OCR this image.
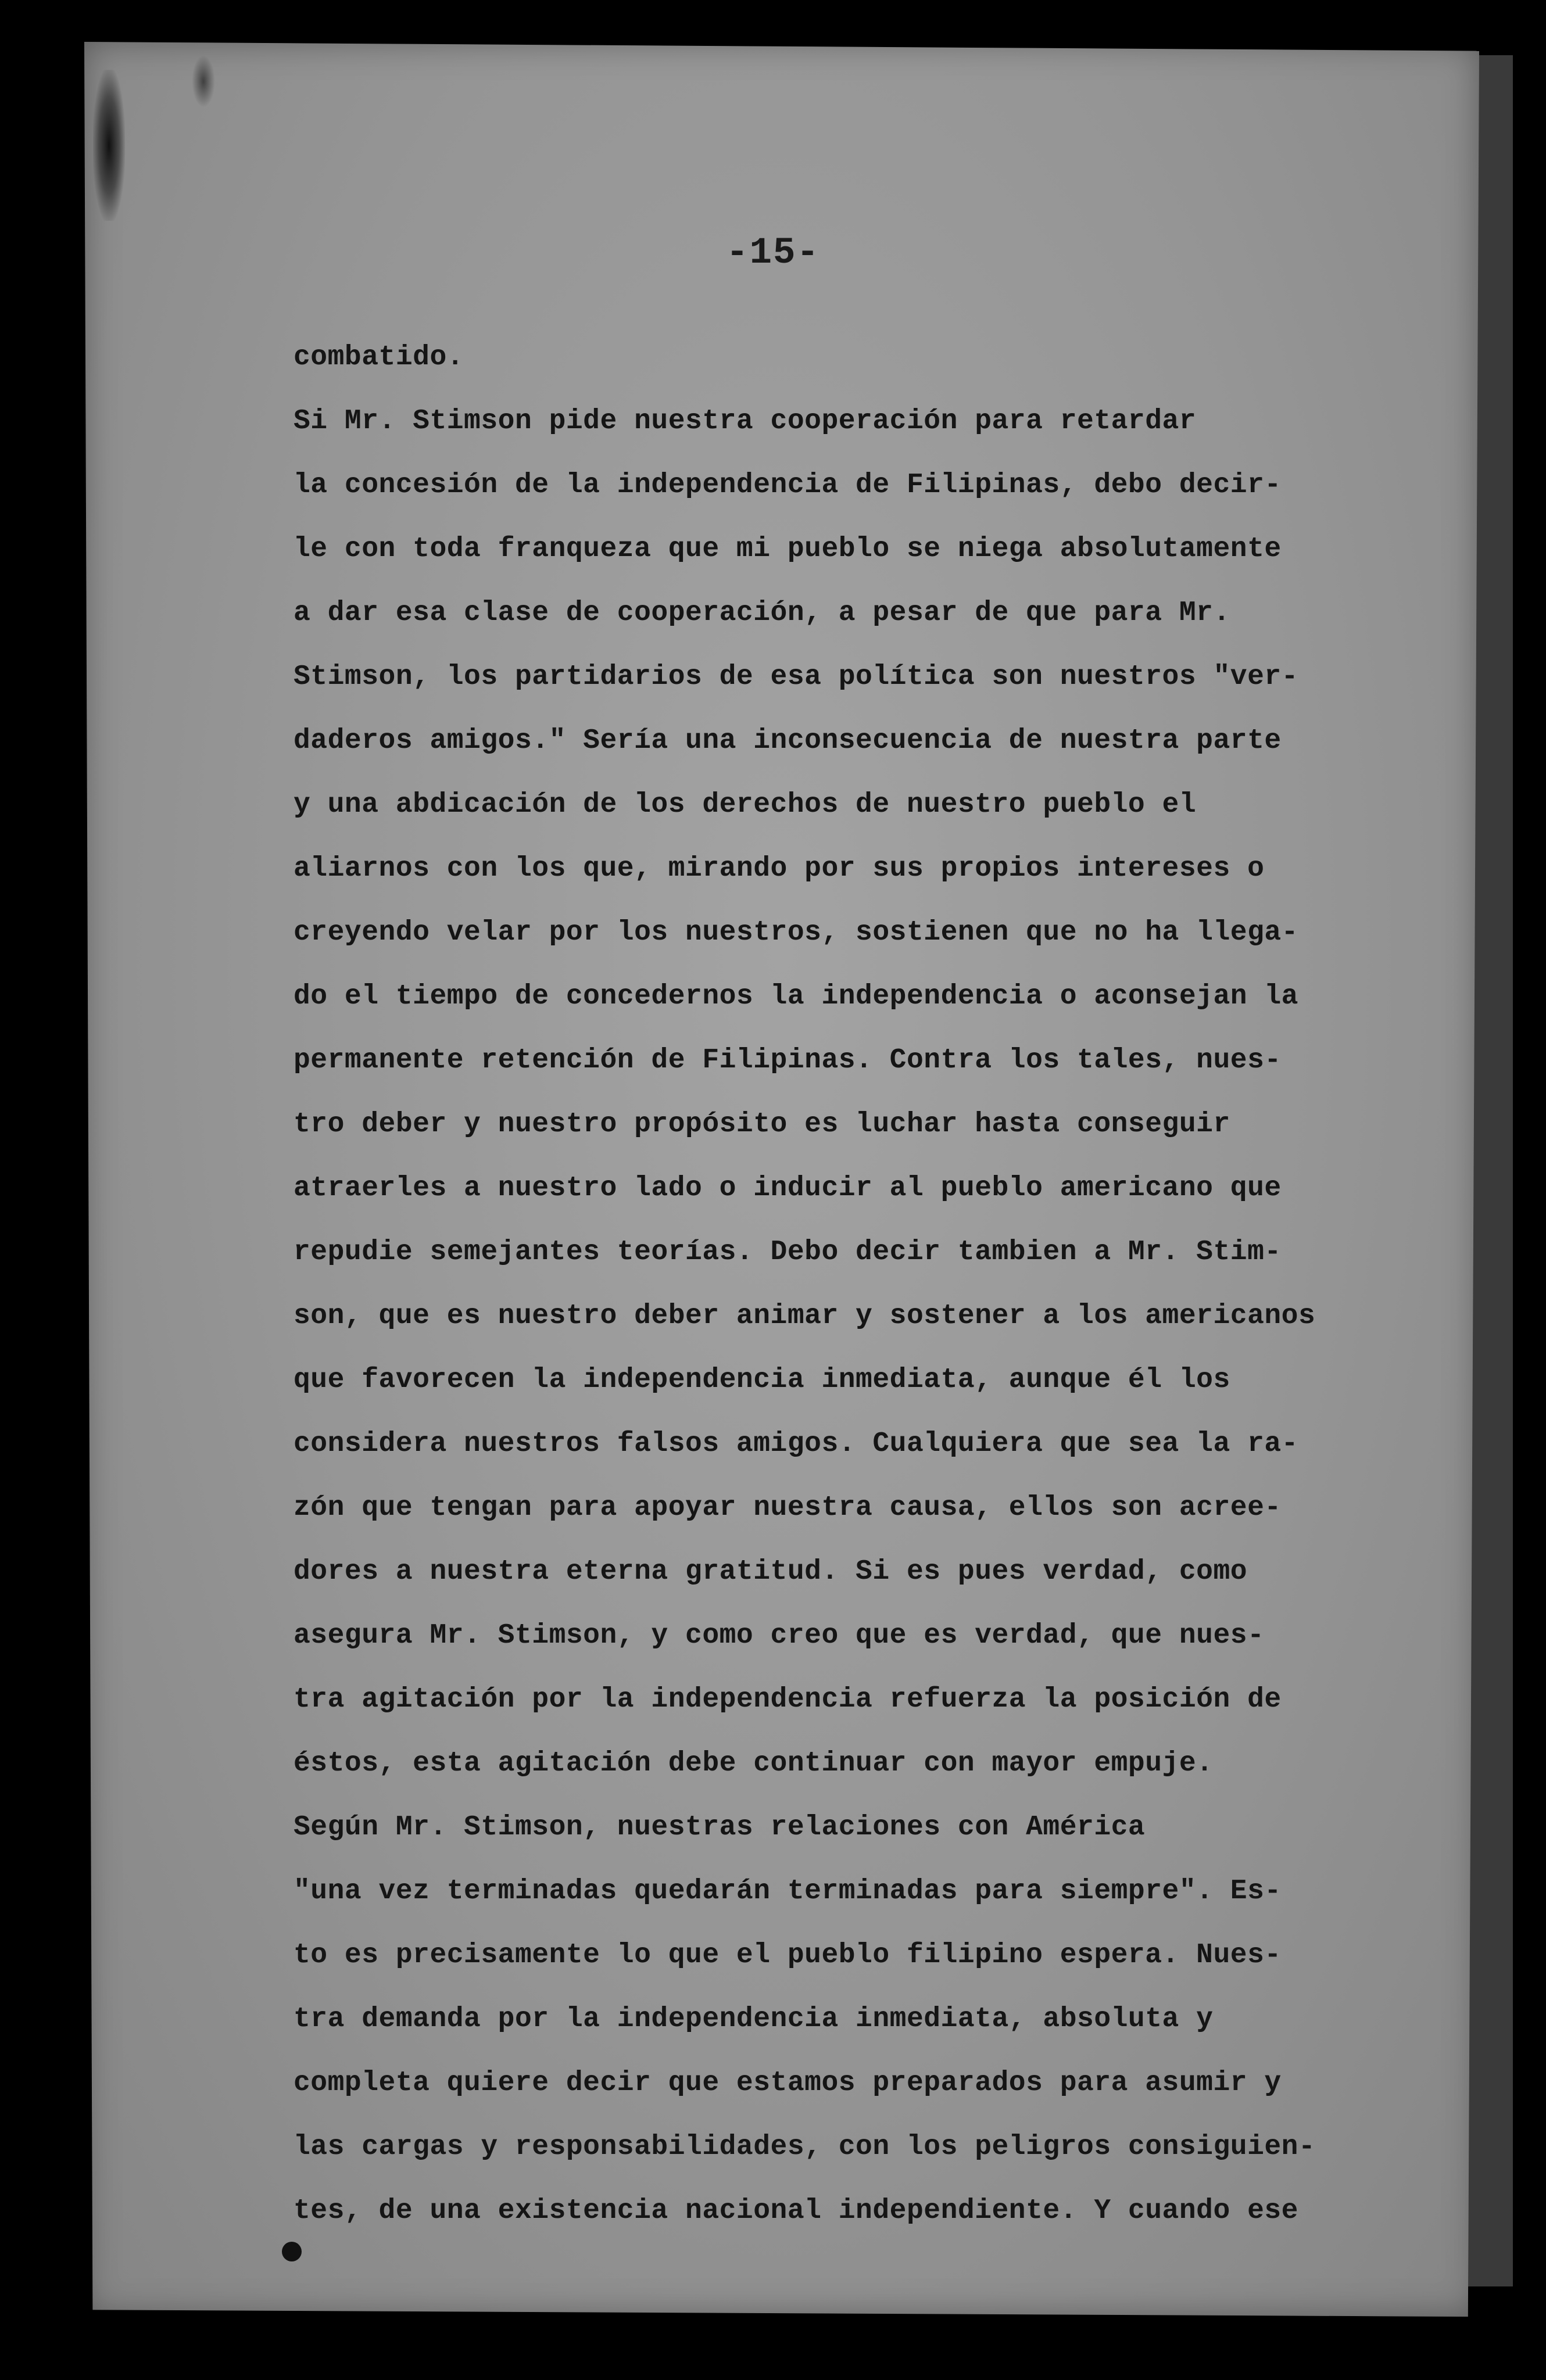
-15-
combatido.
Si Mr. Stimson pide nuestra cooperación para retardar
la concesión de la independencia de Filipinas, debo decir-
le con toda franqueza que mi pueblo se niega absolutamente
a dar esa clase de cooperación, a pesar de que para Mr.
Stimson, los partidarios de esa política son nuestros "ver-
daderos amigos." Sería una inconsecuencia de nuestra parte
y una abdicación de los derechos de nuestro pueblo el
aliarnos con los que, mirando por sus propios intereses o
creyendo velar por los nuestros, sostienen que no ha llega-
do el tiempo de concedernos la independencia o aconsejan la
permanente retención de Filipinas. Contra los tales, nues-
tro deber y nuestro propósito es luchar hasta conseguir
atraerles a nuestro lado o inducir al pueblo americano que
repudie semejantes teorías. Debo decir tambien a Mr. Stim-
son, que es nuestro deber animar y sostener a los americanos
que favorecen la independencia inmediata, aunque él los
considera nuestros falsos amigos. Cualquiera que sea la ra-
zón que tengan para apoyar nuestra causa, ellos son acree-
dores a nuestra eterna gratitud. Si es pues verdad, como
asegura Mr. Stimson, y como creo que es verdad, que nues-
tra agitación por la independencia refuerza la posición de
éstos, esta agitación debe continuar con mayor empuje.
Según Mr. Stimson, nuestras relaciones con América
"una vez terminadas quedarán terminadas para siempre". Es-
to es precisamente lo que el pueblo filipino espera. Nues-
tra demanda por la independencia inmediata, absoluta y
completa quiere decir que estamos preparados para asumir y
las cargas y responsabilidades, con los peligros consiguien-
tes, de una existencia nacional independiente. Y cuando ese
